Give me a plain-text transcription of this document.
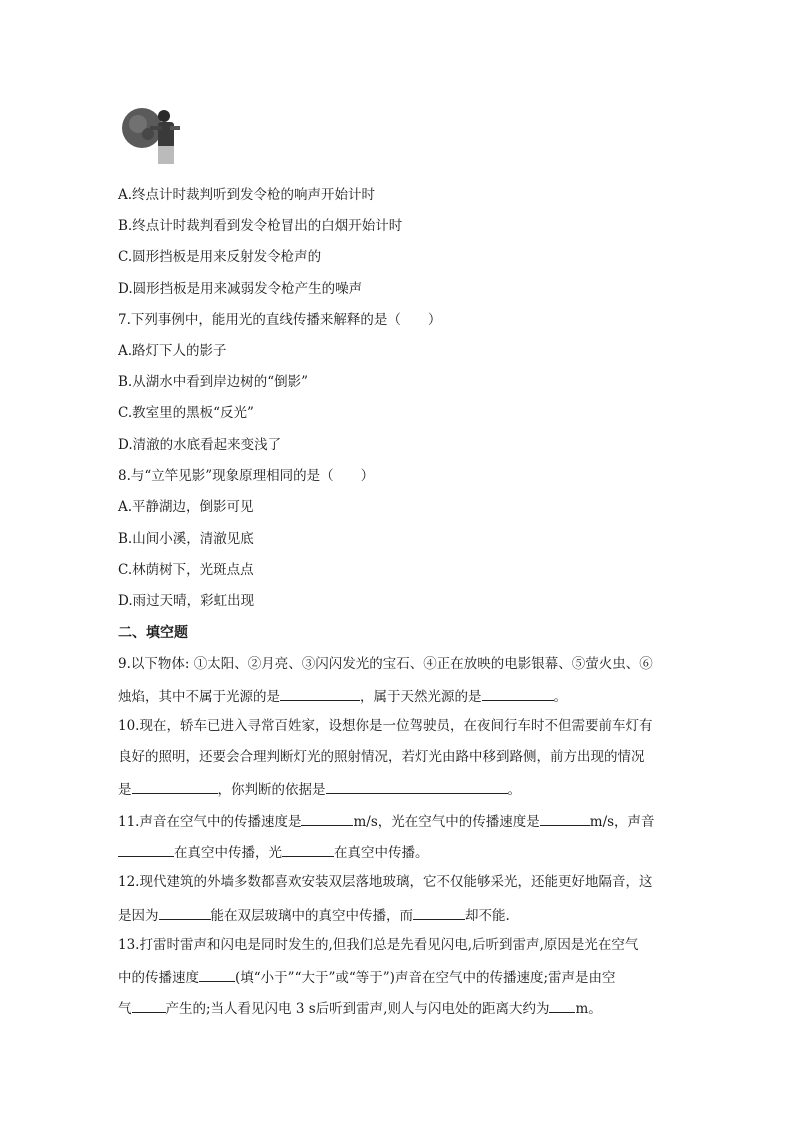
A.终点计时裁判听到发令枪的响声开始计时
B.终点计时裁判看到发令枪冒出的白烟开始计时
C.圆形挡板是用来反射发令枪声的
D.圆形挡板是用来减弱发令枪产生的噪声
7.下列事例中，能用光的直线传播来解释的是（　　）
A.路灯下人的影子
B.从湖水中看到岸边树的“倒影”
C.教室里的黑板“反光”
D.清澈的水底看起来变浅了
8.与“立竿见影”现象原理相同的是（　　）
A.平静湖边，倒影可见
B.山间小溪，清澈见底
C.林荫树下，光斑点点
D.雨过天晴，彩虹出现
二、填空题
9.以下物体: ①太阳、②月亮、③闪闪发光的宝石、④正在放映的电影银幕、⑤萤火虫、⑥
烛焰，其中不属于光源的是	，属于天然光源的是	。
10.现在，轿车已进入寻常百姓家，设想你是一位驾驶员，在夜间行车时不但需要前车灯有
良好的照明，还要会合理判断灯光的照射情况，若灯光由路中移到路侧，前方出现的情况
是	，你判断的依据是	。
11.声音在空气中的传播速度是	m/s，光在空气中的传播速度是	m/s，声音
在真空中传播，光	在真空中传播。
12.现代建筑的外墙多数都喜欢安装双层落地玻璃，它不仅能够采光，还能更好地隔音，这
是因为	能在双层玻璃中的真空中传播，而	却不能.
13.打雷时雷声和闪电是同时发生的,但我们总是先看见闪电,后听到雷声,原因是光在空气
中的传播速度	(填“小于”“大于”或“等于”)声音在空气中的传播速度;雷声是由空
气	产生的;当人看见闪电 3 s后听到雷声,则人与闪电处的距离大约为 m。
